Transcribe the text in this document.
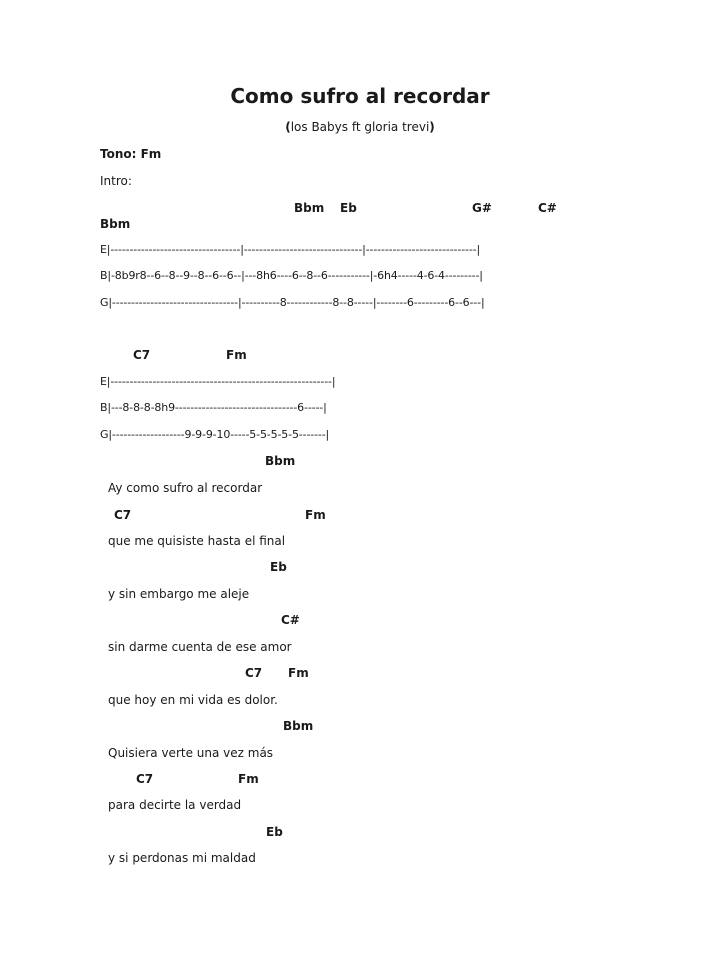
Como sufro al recordar
(los Babys ft gloria trevi)
Tono: Fm
Intro:
Bbm Eb	G#	C#
Bbm
E|----------------------------------|-------------------------------|-----------------------------|
B|-8b9r8--6--8--9--8--6--6--|---8h6----6--8--6-----------|-6h4-----4-6-4---------|
G|---------------------------------|----------8------------8--8-----|--------6---------6--6---|
C7	Fm
E|----------------------------------------------------------|
B|---8-8-8-8h9--------------------------------6-----|
G|-------------------9-9-9-10-----5-5-5-5-5-------|
Bbm
Ay como sufro al recordar
C7	Fm
que me quisiste hasta el final
Eb
y sin embargo me aleje
C#
sin darme cuenta de ese amor
C7 Fm
que hoy en mi vida es dolor.
Bbm
Quisiera verte una vez más
C7	Fm
para decirte la verdad
Eb
y si perdonas mi maldad
